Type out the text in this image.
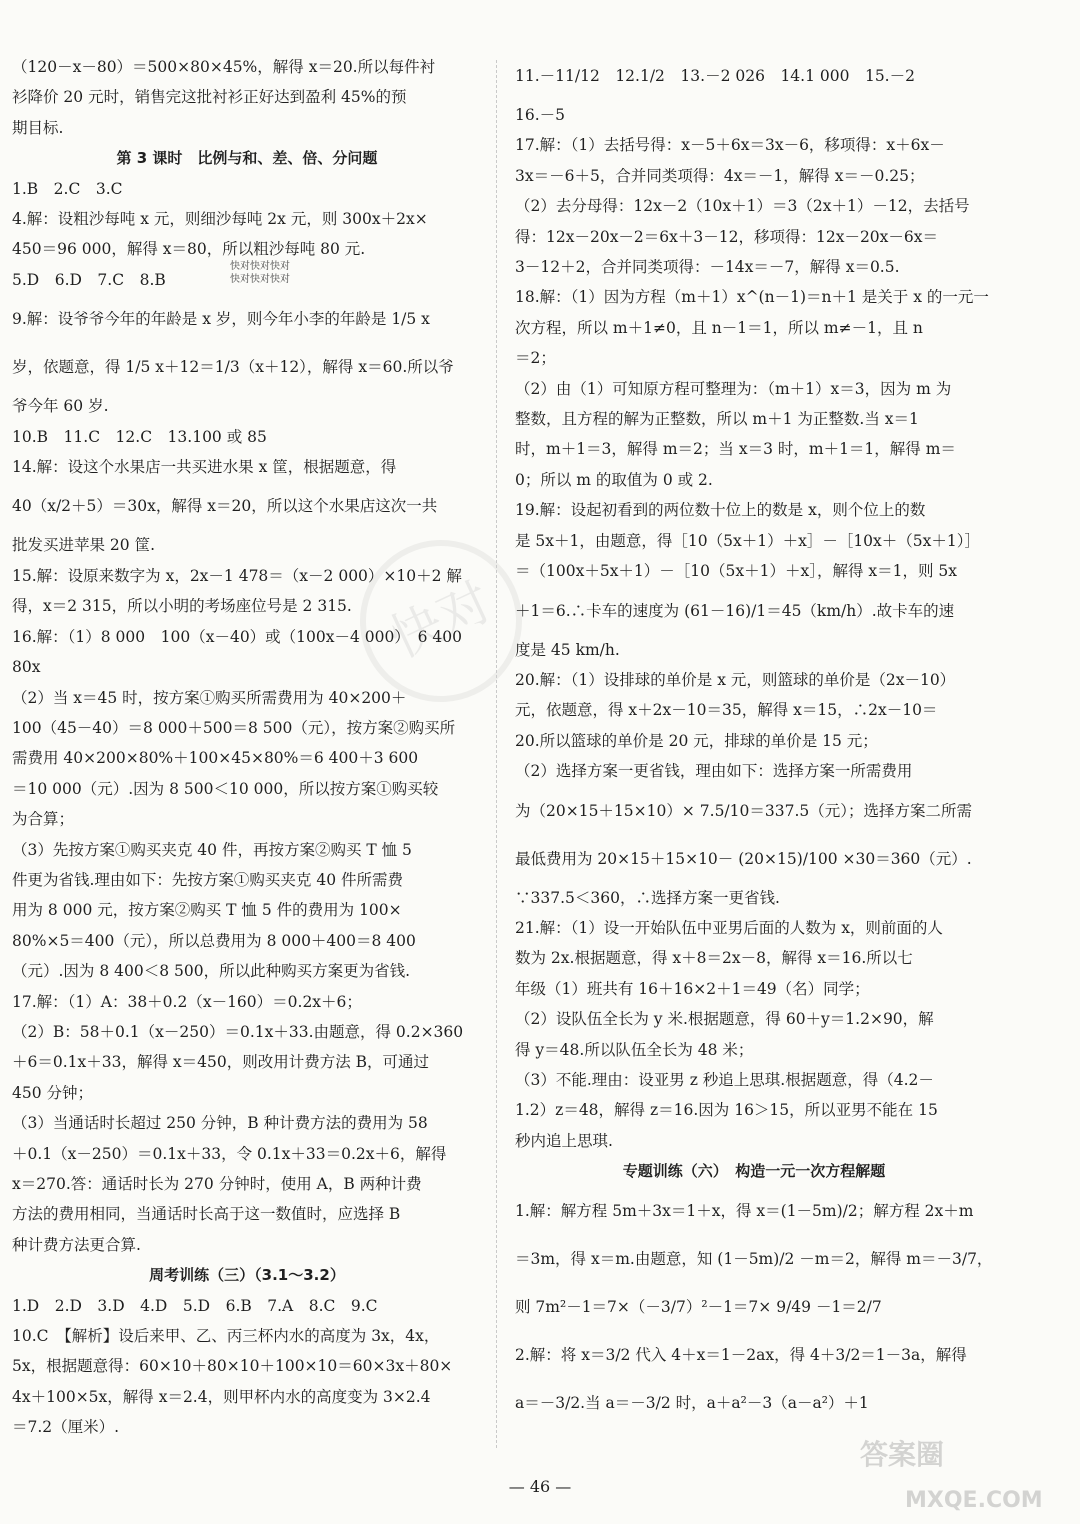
快对
快对快对快对
快对快对快对
（120－x－80）＝500×80×45%，解得 x＝20.所以每件衬
衫降价 20 元时，销售完这批衬衫正好达到盈利 45%的预
期目标.
第 3 课时　比例与和、差、倍、分问题
1.B　2.C　3.C
4.解：设粗沙每吨 x 元，则细沙每吨 2x 元，则 300x＋2x×
450＝96 000，解得 x＝80，所以粗沙每吨 80 元.
5.D　6.D　7.C　8.B
9.解：设爷爷今年的年龄是 x 岁，则今年小李的年龄是 1/5 x
岁，依题意，得 1/5 x＋12＝1/3（x＋12），解得 x＝60.所以爷
爷今年 60 岁.
10.B　11.C　12.C　13.100 或 85
14.解：设这个水果店一共买进水果 x 筐，根据题意，得
40（x/2＋5）＝30x，解得 x＝20，所以这个水果店这次一共
批发买进苹果 20 筐.
15.解：设原来数字为 x，2x－1 478＝（x－2 000）×10＋2 解
得，x＝2 315，所以小明的考场座位号是 2 315.
16.解：（1）8 000　100（x－40）或（100x－4 000）　6 400
80x
（2）当 x＝45 时，按方案①购买所需费用为 40×200＋
100（45－40）＝8 000＋500＝8 500（元），按方案②购买所
需费用 40×200×80%＋100×45×80%＝6 400＋3 600
＝10 000（元）.因为 8 500＜10 000，所以按方案①购买较
为合算；
（3）先按方案①购买夹克 40 件，再按方案②购买 T 恤 5
件更为省钱.理由如下：先按方案①购买夹克 40 件所需费
用为 8 000 元，按方案②购买 T 恤 5 件的费用为 100×
80%×5＝400（元），所以总费用为 8 000＋400＝8 400
（元）.因为 8 400＜8 500，所以此种购买方案更为省钱.
17.解：（1）A：38＋0.2（x－160）＝0.2x＋6；
（2）B：58＋0.1（x－250）＝0.1x＋33.由题意，得 0.2×360
＋6＝0.1x＋33，解得 x＝450，则改用计费方法 B，可通过
450 分钟；
（3）当通话时长超过 250 分钟，B 种计费方法的费用为 58
＋0.1（x－250）＝0.1x＋33，令 0.1x＋33＝0.2x＋6，解得
x＝270.答：通话时长为 270 分钟时，使用 A，B 两种计费
方法的费用相同，当通话时长高于这一数值时，应选择 B
种计费方法更合算.
周考训练（三）（3.1～3.2）
1.D　2.D　3.D　4.D　5.D　6.B　7.A　8.C　9.C
10.C　【解析】设后来甲、乙、丙三杯内水的高度为 3x，4x，
5x，根据题意得：60×10＋80×10＋100×10＝60×3x＋80×
4x＋100×5x，解得 x＝2.4，则甲杯内水的高度变为 3×2.4
＝7.2（厘米）.
11.－11/12　12.1/2　13.－2 026　14.1 000　15.－2
16.－5
17.解：（1）去括号得：x－5＋6x＝3x－6，移项得：x＋6x－
3x＝－6＋5，合并同类项得：4x＝－1，解得 x＝－0.25；
（2）去分母得：12x－2（10x＋1）＝3（2x＋1）－12，去括号
得：12x－20x－2＝6x＋3－12，移项得：12x－20x－6x＝
3－12＋2，合并同类项得：－14x＝－7，解得 x＝0.5.
18.解：（1）因为方程（m＋1）x^(n－1)＝n＋1 是关于 x 的一元一
次方程，所以 m＋1≠0，且 n－1＝1，所以 m≠－1，且 n
＝2；
（2）由（1）可知原方程可整理为：（m＋1）x＝3，因为 m 为
整数，且方程的解为正整数，所以 m＋1 为正整数.当 x＝1
时，m＋1＝3，解得 m＝2；当 x＝3 时，m＋1＝1，解得 m＝
0；所以 m 的取值为 0 或 2.
19.解：设起初看到的两位数十位上的数是 x，则个位上的数
是 5x＋1，由题意，得［10（5x＋1）＋x］－［10x＋（5x＋1）］
＝（100x＋5x＋1）－［10（5x＋1）＋x］，解得 x＝1，则 5x
＋1＝6.∴卡车的速度为 (61－16)/1＝45（km/h）.故卡车的速
度是 45 km/h.
20.解：（1）设排球的单价是 x 元，则篮球的单价是（2x－10）
元，依题意，得 x＋2x－10＝35，解得 x＝15，∴2x－10＝
20.所以篮球的单价是 20 元，排球的单价是 15 元；
（2）选择方案一更省钱，理由如下：选择方案一所需费用
为（20×15＋15×10）× 7.5/10＝337.5（元）；选择方案二所需
最低费用为 20×15＋15×10－ (20×15)/100 ×30＝360（元）.
∵337.5＜360，∴选择方案一更省钱.
21.解：（1）设一开始队伍中亚男后面的人数为 x，则前面的人
数为 2x.根据题意，得 x＋8＝2x－8，解得 x＝16.所以七
年级（1）班共有 16＋16×2＋1＝49（名）同学；
（2）设队伍全长为 y 米.根据题意，得 60＋y＝1.2×90，解
得 y＝48.所以队伍全长为 48 米；
（3）不能.理由：设亚男 z 秒追上思琪.根据题意，得（4.2－
1.2）z＝48，解得 z＝16.因为 16＞15，所以亚男不能在 15
秒内追上思琪.
专题训练（六）　构造一元一次方程解题
1.解：解方程 5m＋3x＝1＋x，得 x＝(1－5m)/2；解方程 2x＋m
＝3m，得 x＝m.由题意，知 (1－5m)/2 －m＝2，解得 m＝－3/7，
则 7m²－1＝7×（－3/7）²－1＝7× 9/49 －1＝2/7
2.解：将 x＝3/2 代入 4＋x＝1－2ax，得 4＋3/2＝1－3a，解得
a＝－3/2.当 a＝－3/2 时，a＋a²－3（a－a²）＋1
— 46 —
答案圈
MXQE.COM
